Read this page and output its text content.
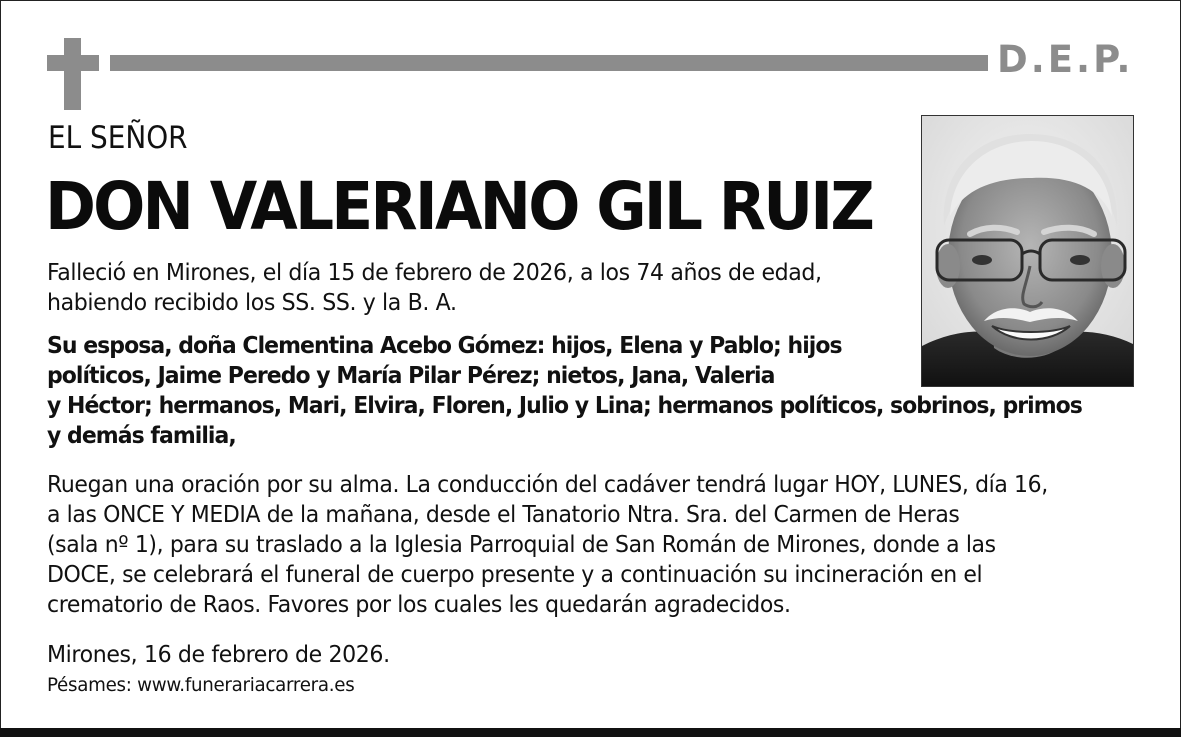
D.E.P.
EL SEÑOR
DON VALERIANO GIL RUIZ
Falleció en Mirones, el día 15 de febrero de 2026, a los 74 años de edad,
habiendo recibido los SS. SS. y la B. A.
Su esposa, doña Clementina Acebo Gómez: hijos, Elena y Pablo; hijos
políticos, Jaime Peredo y María Pilar Pérez; nietos, Jana, Valeria
y Héctor; hermanos, Mari, Elvira, Floren, Julio y Lina; hermanos políticos, sobrinos, primos
y demás familia,
Ruegan una oración por su alma. La conducción del cadáver tendrá lugar HOY, LUNES, día 16,
a las ONCE Y MEDIA de la mañana, desde el Tanatorio Ntra. Sra. del Carmen de Heras
(sala nº 1), para su traslado a la Iglesia Parroquial de San Román de Mirones, donde a las
DOCE, se celebrará el funeral de cuerpo presente y a continuación su incineración en el
crematorio de Raos. Favores por los cuales les quedarán agradecidos.
Mirones, 16 de febrero de 2026.
Pésames: www.funerariacarrera.es
